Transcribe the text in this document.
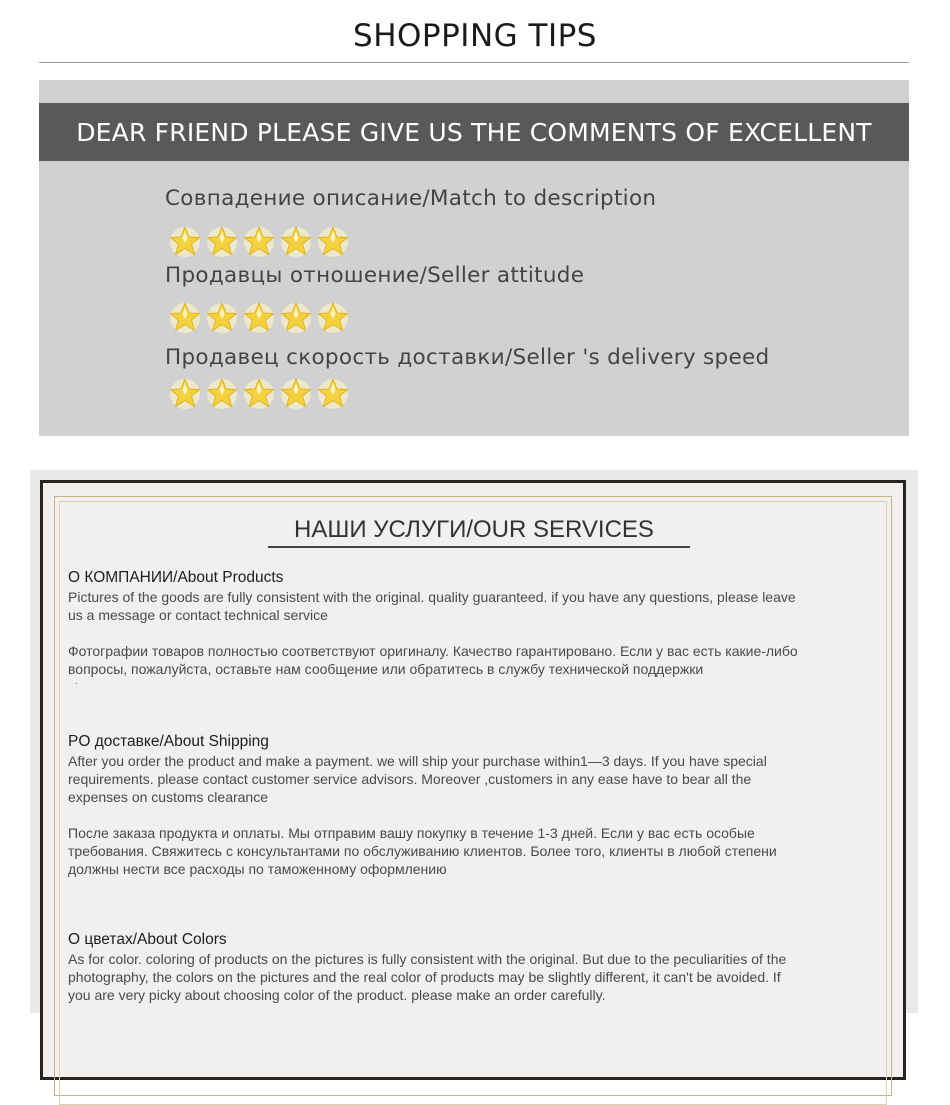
SHOPPING TIPS
DEAR FRIEND PLEASE GIVE US THE COMMENTS OF EXCELLENT
Совпадение описание/Match to description
Продавцы отношение/Seller attitude
Продавец скорость доставки/Seller 's delivery speed
НАШИ УСЛУГИ/OUR SERVICES
О КОМПАНИИ/About Products
Pictures of the goods are fully consistent with the original. quality guaranteed. if you have any questions, please leave
us a message or contact technical service
Фотографии товаров полностью соответствуют оригиналу. Качество гарантировано. Если у вас есть какие-либо
вопросы, пожалуйста, оставьте нам сообщение или обратитесь в службу технической поддержки
.
PO доставке/About Shipping
After you order the product and make a payment. we will ship your purchase within1—3 days. If you have special
requirements. please contact customer service advisors. Moreover ,customers in any ease have to bear all the
expenses on customs clearance
После заказа продукта и оплаты. Мы отправим вашу покупку в течение 1-3 дней. Если у вас есть особые
требования. Свяжитесь с консультантами по обслуживанию клиентов. Более того, клиенты в любой степени
должны нести все расходы по таможенному оформлению
О цветах/About Colors
As for color. coloring of products on the pictures is fully consistent with the original. But due to the peculiarities of the
photography, the colors on the pictures and the real color of products may be slightly different, it can't be avoided. If
you are very picky about choosing color of the product. please make an order carefully.
